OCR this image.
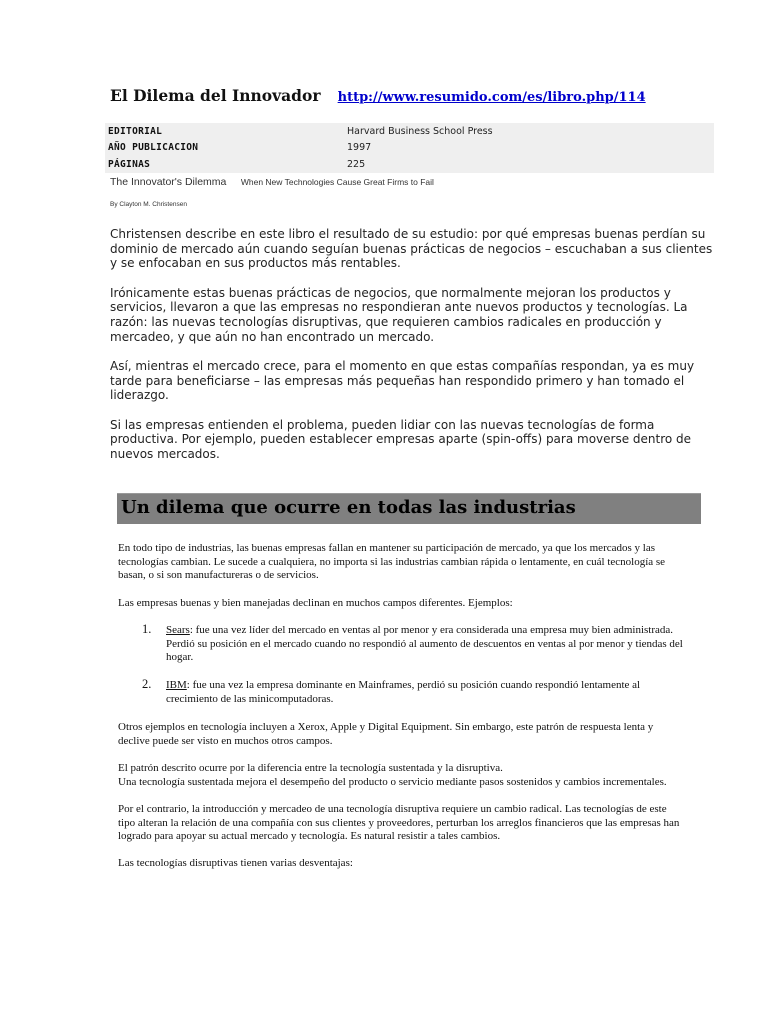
El Dilema del Innovador http://www.resumido.com/es/libro.php/114
EDITORIAL	Harvard Business School Press
AÑO PUBLICACION	1997
PÁGINAS	225
The Innovator's Dilemma When New Technologies Cause Great Firms to Fail
By Clayton M. Christensen

Christensen describe en este libro el resultado de su estudio: por qué empresas buenas perdían su dominio de mercado aún cuando seguían buenas prácticas de negocios – escuchaban a sus clientes y se enfocaban en sus productos más rentables.

Irónicamente estas buenas prácticas de negocios, que normalmente mejoran los productos y servicios, llevaron a que las empresas no respondieran ante nuevos productos y tecnologías. La razón: las nuevas tecnologías disruptivas, que requieren cambios radicales en producción y mercadeo, y que aún no han encontrado un mercado.

Así, mientras el mercado crece, para el momento en que estas compañías respondan, ya es muy tarde para beneficiarse – las empresas más pequeñas han respondido primero y han tomado el liderazgo.

Si las empresas entienden el problema, pueden lidiar con las nuevas tecnologías de forma productiva. Por ejemplo, pueden establecer empresas aparte (spin-offs) para moverse dentro de nuevos mercados.

Un dilema que ocurre en todas las industrias

En todo tipo de industrias, las buenas empresas fallan en mantener su participación de mercado, ya que los mercados y las tecnologías cambian. Le sucede a cualquiera, no importa si las industrias cambian rápida o lentamente, en cuál tecnología se basan, o si son manufactureras o de servicios.

Las empresas buenas y bien manejadas declinan en muchos campos diferentes. Ejemplos:

1. Sears: fue una vez líder del mercado en ventas al por menor y era considerada una empresa muy bien administrada. Perdió su posición en el mercado cuando no respondió al aumento de descuentos en ventas al por menor y tiendas del hogar.
2. IBM: fue una vez la empresa dominante en Mainframes, perdió su posición cuando respondió lentamente al crecimiento de las minicomputadoras.

Otros ejemplos en tecnología incluyen a Xerox, Apple y Digital Equipment. Sin embargo, este patrón de respuesta lenta y declive puede ser visto en muchos otros campos.

El patrón descrito ocurre por la diferencia entre la tecnología sustentada y la disruptiva.
Una tecnología sustentada mejora el desempeño del producto o servicio mediante pasos sostenidos y cambios incrementales.

Por el contrario, la introducción y mercadeo de una tecnología disruptiva requiere un cambio radical. Las tecnologías de este tipo alteran la relación de una compañía con sus clientes y proveedores, perturban los arreglos financieros que las empresas han logrado para apoyar su actual mercado y tecnología. Es natural resistir a tales cambios.

Las tecnologías disruptivas tienen varias desventajas:
